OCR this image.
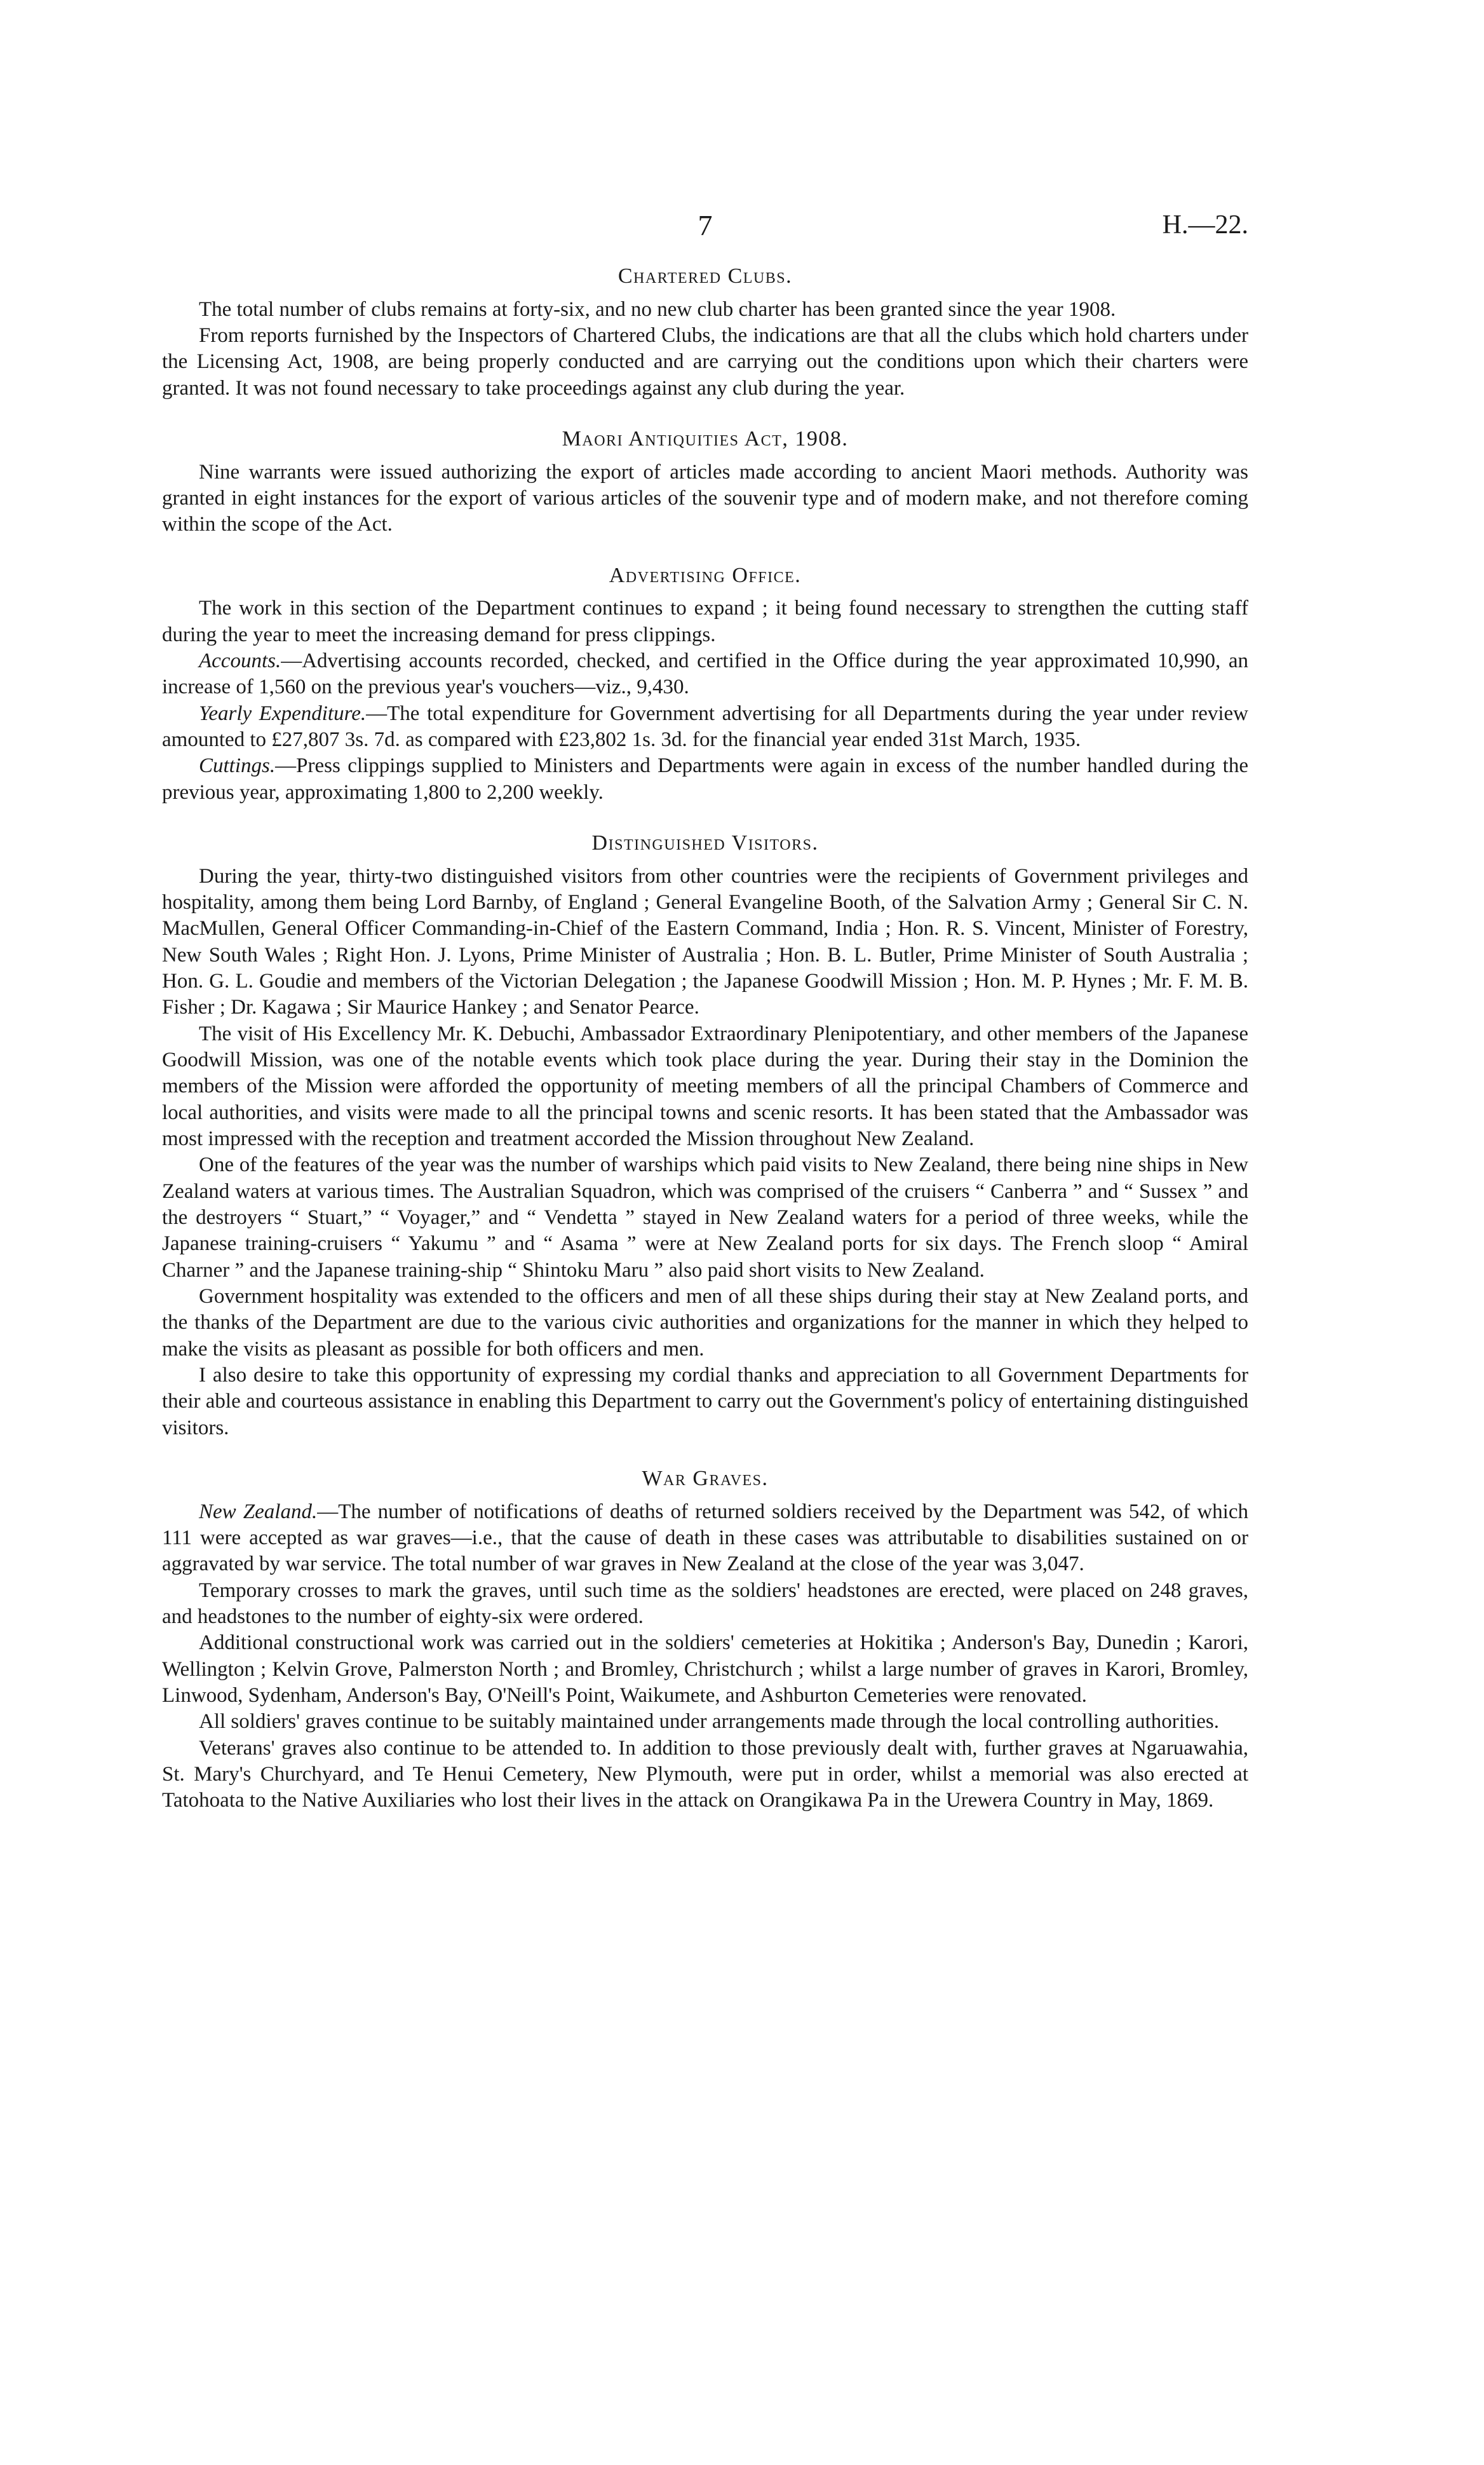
7	H.—22.
Chartered Clubs.

The total number of clubs remains at forty-six, and no new club charter has been granted since the year 1908.

From reports furnished by the Inspectors of Chartered Clubs, the indications are that all the clubs which hold charters under the Licensing Act, 1908, are being properly conducted and are carrying out the conditions upon which their charters were granted. It was not found necessary to take proceedings against any club during the year.

Maori Antiquities Act, 1908.

Nine warrants were issued authorizing the export of articles made according to ancient Maori methods. Authority was granted in eight instances for the export of various articles of the souvenir type and of modern make, and not therefore coming within the scope of the Act.

Advertising Office.

The work in this section of the Department continues to expand ; it being found necessary to strengthen the cutting staff during the year to meet the increasing demand for press clippings.

Accounts.—Advertising accounts recorded, checked, and certified in the Office during the year approximated 10,990, an increase of 1,560 on the previous year's vouchers—viz., 9,430.

Yearly Expenditure.—The total expenditure for Government advertising for all Departments during the year under review amounted to £27,807 3s. 7d. as compared with £23,802 1s. 3d. for the financial year ended 31st March, 1935.

Cuttings.—Press clippings supplied to Ministers and Departments were again in excess of the number handled during the previous year, approximating 1,800 to 2,200 weekly.

Distinguished Visitors.

During the year, thirty-two distinguished visitors from other countries were the recipients of Government privileges and hospitality, among them being Lord Barnby, of England ; General Evangeline Booth, of the Salvation Army ; General Sir C. N. MacMullen, General Officer Commanding-in-Chief of the Eastern Command, India ; Hon. R. S. Vincent, Minister of Forestry, New South Wales ; Right Hon. J. Lyons, Prime Minister of Australia ; Hon. B. L. Butler, Prime Minister of South Australia ; Hon. G. L. Goudie and members of the Victorian Delegation ; the Japanese Goodwill Mission ; Hon. M. P. Hynes ; Mr. F. M. B. Fisher ; Dr. Kagawa ; Sir Maurice Hankey ; and Senator Pearce.

The visit of His Excellency Mr. K. Debuchi, Ambassador Extraordinary Plenipotentiary, and other members of the Japanese Goodwill Mission, was one of the notable events which took place during the year. During their stay in the Dominion the members of the Mission were afforded the opportunity of meeting members of all the principal Chambers of Commerce and local authorities, and visits were made to all the principal towns and scenic resorts. It has been stated that the Ambassador was most impressed with the reception and treatment accorded the Mission throughout New Zealand.

One of the features of the year was the number of warships which paid visits to New Zealand, there being nine ships in New Zealand waters at various times. The Australian Squadron, which was comprised of the cruisers “ Canberra ” and “ Sussex ” and the destroyers “ Stuart,” “ Voyager,” and “ Vendetta ” stayed in New Zealand waters for a period of three weeks, while the Japanese training-cruisers “ Yakumu ” and “ Asama ” were at New Zealand ports for six days. The French sloop “ Amiral Charner ” and the Japanese training-ship “ Shintoku Maru ” also paid short visits to New Zealand.

Government hospitality was extended to the officers and men of all these ships during their stay at New Zealand ports, and the thanks of the Department are due to the various civic authorities and organizations for the manner in which they helped to make the visits as pleasant as possible for both officers and men.

I also desire to take this opportunity of expressing my cordial thanks and appreciation to all Government Departments for their able and courteous assistance in enabling this Department to carry out the Government's policy of entertaining distinguished visitors.

War Graves.

New Zealand.—The number of notifications of deaths of returned soldiers received by the Department was 542, of which 111 were accepted as war graves—i.e., that the cause of death in these cases was attributable to disabilities sustained on or aggravated by war service. The total number of war graves in New Zealand at the close of the year was 3,047.

Temporary crosses to mark the graves, until such time as the soldiers' headstones are erected, were placed on 248 graves, and headstones to the number of eighty-six were ordered.

Additional constructional work was carried out in the soldiers' cemeteries at Hokitika ; Anderson's Bay, Dunedin ; Karori, Wellington ; Kelvin Grove, Palmerston North ; and Bromley, Christchurch ; whilst a large number of graves in Karori, Bromley, Linwood, Sydenham, Anderson's Bay, O'Neill's Point, Waikumete, and Ashburton Cemeteries were renovated.

All soldiers' graves continue to be suitably maintained under arrangements made through the local controlling authorities.

Veterans' graves also continue to be attended to. In addition to those previously dealt with, further graves at Ngaruawahia, St. Mary's Churchyard, and Te Henui Cemetery, New Plymouth, were put in order, whilst a memorial was also erected at Tatohoata to the Native Auxiliaries who lost their lives in the attack on Orangikawa Pa in the Urewera Country in May, 1869.
